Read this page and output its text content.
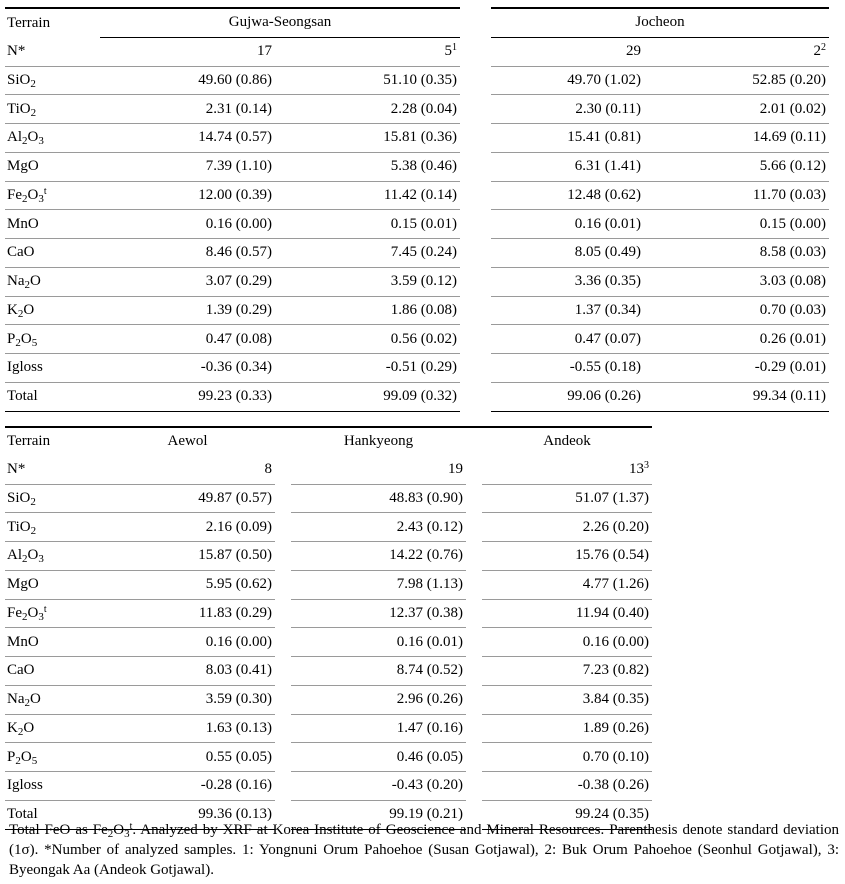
Terrain	Gujwa-Seongsan			Jocheon	
N*	17	$5^1$		29	$2^2$
SiO$_2$	49.60 (0.86)	51.10 (0.35)		49.70 (1.02)	52.85 (0.20)
TiO$_2$	2.31 (0.14)	2.28 (0.04)		2.30 (0.11)	2.01 (0.02)
$Al_2O_3$	14.74 (0.57)	15.81 (0.36)		15.41 (0.81)	14.69 (0.11)
MgO	7.39 (1.10)	5.38 (0.46)		6.31 (1.41)	5.66 (0.12)
$Fe_2O_3^t$	12.00 (0.39)	11.42 (0.14)		12.48 (0.62)	11.70 (0.03)
MnO	0.16 (0.00)	0.15 (0.01)		0.16 (0.01)	0.15 (0.00)
CaO	8.46 (0.57)	7.45 (0.24)		8.05 (0.49)	8.58 (0.03)
$Na_2O$	3.07 (0.29)	3.59 (0.12)		3.36 (0.35)	3.03 (0.08)
$K_2O$	1.39 (0.29)	1.86 (0.08)		1.37 (0.34)	0.70 (0.03)
$P_2O_5$	0.47 (0.08)	0.56 (0.02)		0.47 (0.07)	0.26 (0.01)
Igloss	-0.36 (0.34)	-0.51 (0.29)		-0.55 (0.18)	-0.29 (0.01)
Total	99.23 (0.33)	99.09 (0.32)		99.06 (0.26)	99.34 (0.11)
Terrain	Aewol		Hankyeong		Andeok
N*	8		19		$13^3$
SiO$_2$	49.87 (0.57)		48.83 (0.90)		51.07 (1.37)
TiO$_2$	2.16 (0.09)		2.43 (0.12)		2.26 (0.20)
$Al_2O_3$	15.87 (0.50)		14.22 (0.76)		15.76 (0.54)
MgO	5.95 (0.62)		7.98 (1.13)		4.77 (1.26)
$Fe_2O_3^t$	11.83 (0.29)		12.37 (0.38)		11.94 (0.40)
MnO	0.16 (0.00)		0.16 (0.01)		0.16 (0.00)
CaO	8.03 (0.41)		8.74 (0.52)		7.23 (0.82)
$Na_2O$	3.59 (0.30)		2.96 (0.26)		3.84 (0.35)
$K_2O$	1.63 (0.13)		1.47 (0.16)		1.89 (0.26)
$P_2O_5$	0.55 (0.05)		0.46 (0.05)		0.70 (0.10)
Igloss	-0.28 (0.16)		-0.43 (0.20)		-0.38 (0.26)
Total	99.36 (0.13)		99.19 (0.21)		99.24 (0.35)
Total FeO as $Fe_2O_3^t$. Analyzed by XRF at Korea Institute of Geoscience and Mineral Resources. Parenthesis denote standard deviation (1σ). *Number of analyzed samples. 1: Yongnuni Orum Pahoehoe (Susan Gotjawal), 2: Buk Orum Pahoehoe (Seonhul Gotjawal), 3: Byeongak Aa (Andeok Gotjawal).
